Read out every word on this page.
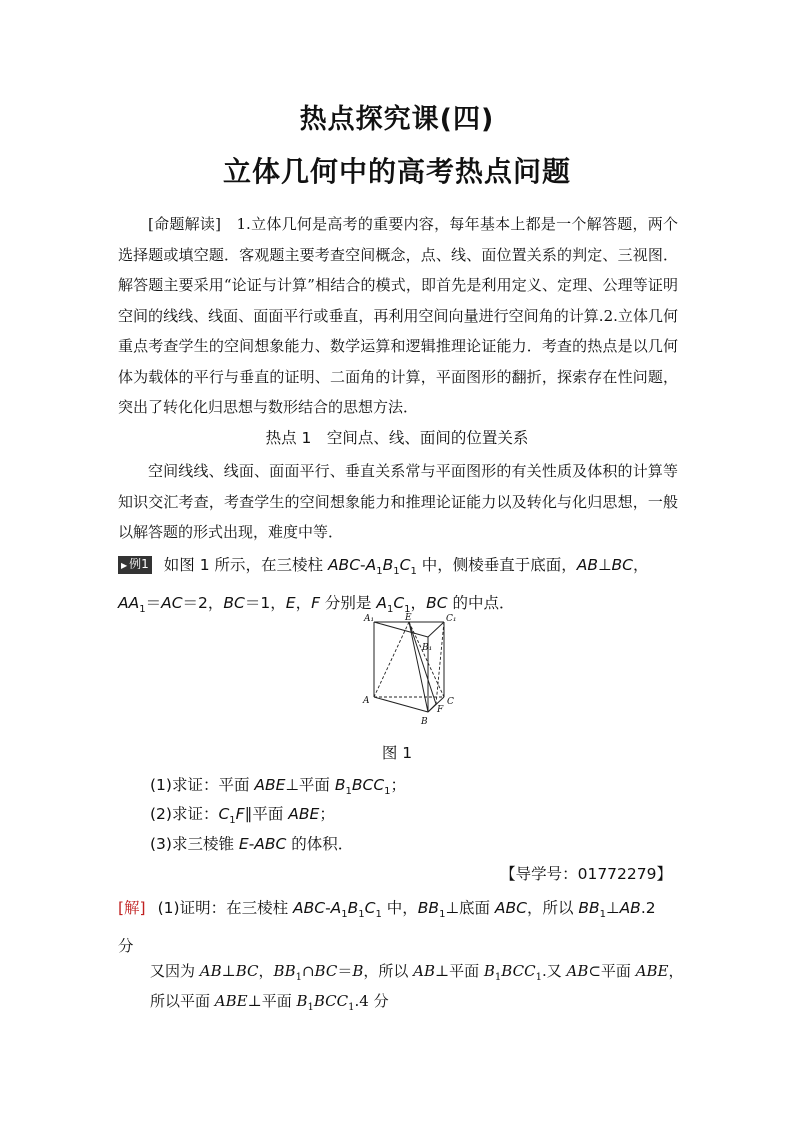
热点探究课(四)
立体几何中的高考热点问题
[命题解读]　 1.立体几何是高考的重要内容，每年基本上都是一个解答题，两个选择题或填空题．客观题主要考查空间概念，点、线、面位置关系的判定、三视图．解答题主要采用“论证与计算”相结合的模式，即首先是利用定义、定理、公理等证明空间的线线、线面、面面平行或垂直，再利用空间向量进行空间角的计算.2.立体几何重点考查学生的空间想象能力、数学运算和逻辑推理论证能力．考查的热点是以几何体为载体的平行与垂直的证明、二面角的计算，平面图形的翻折，探索存在性问题，突出了转化化归思想与数形结合的思想方法．
热点 1　空间点、线、面间的位置关系
空间线线、线面、面面平行、垂直关系常与平面图形的有关性质及体积的计算等知识交汇考查，考查学生的空间想象能力和推理论证能力以及转化与化归思想，一般以解答题的形式出现，难度中等．
▶ 例1 如图 1 所示，在三棱柱 ABC-$A_1B_1C_1$ 中，侧棱垂直于底面，AB⊥BC，
$AA_1=AC=2$，BC＝1，E，F 分别是 $A_1C_1$，BC 的中点．
A₁	E	C₁
B₁
A	C
F
B
图 1
(1)求证：平面 ABE⊥平面 $B_1BCC_1$；
(2)求证：$C_1F\parallel$平面 ABE；
(3)求三棱锥 E-ABC 的体积．
【导学号：01772279】
[解] (1)证明：在三棱柱 ABC-$A_1B_1C_1$ 中，$BB_1\perp$底面 ABC，所以 $BB_1\perp AB.2$
分
又因为 AB⊥BC，$BB_1\cap BC=B$，所以 AB⊥平面 $B_1BCC_1$.又 AB⊂平面 ABE，
所以平面 ABE⊥平面 $B_1BCC_1.4$ 分
